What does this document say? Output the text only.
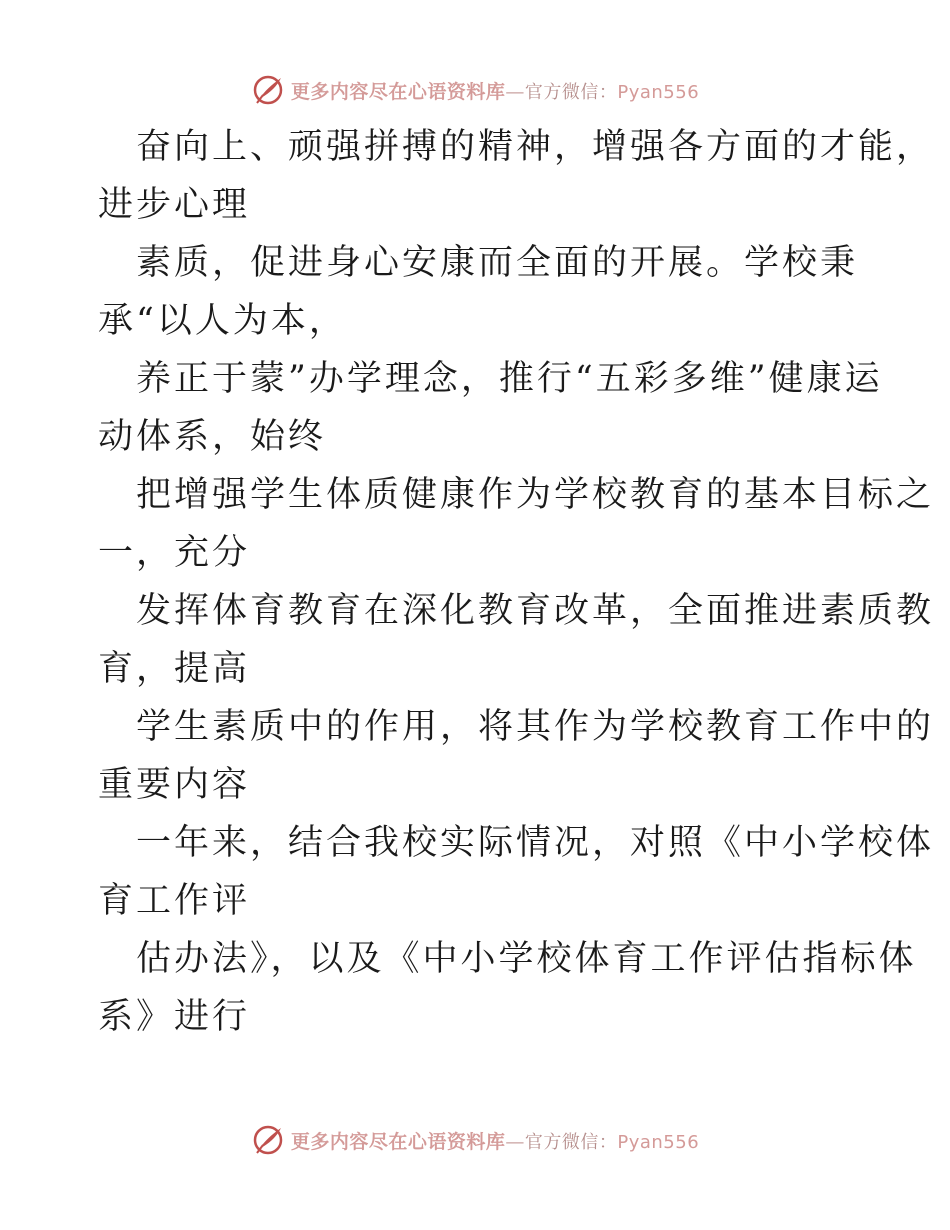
更多内容尽在心语资料库—官方微信：Pyan556
奋向上、顽强拼搏的精神，增强各方面的才能，
进步心理
素质，促进身心安康而全面的开展。学校秉
承“以人为本，
养正于蒙”办学理念，推行“五彩多维”健康运
动体系，始终
把增强学生体质健康作为学校教育的基本目标之
一，充分
发挥体育教育在深化教育改革，全面推进素质教
育，提高
学生素质中的作用，将其作为学校教育工作中的
重要内容
一年来，结合我校实际情况，对照《中小学校体
育工作评
估办法》，以及《中小学校体育工作评估指标体
系》进行
更多内容尽在心语资料库—官方微信：Pyan556
